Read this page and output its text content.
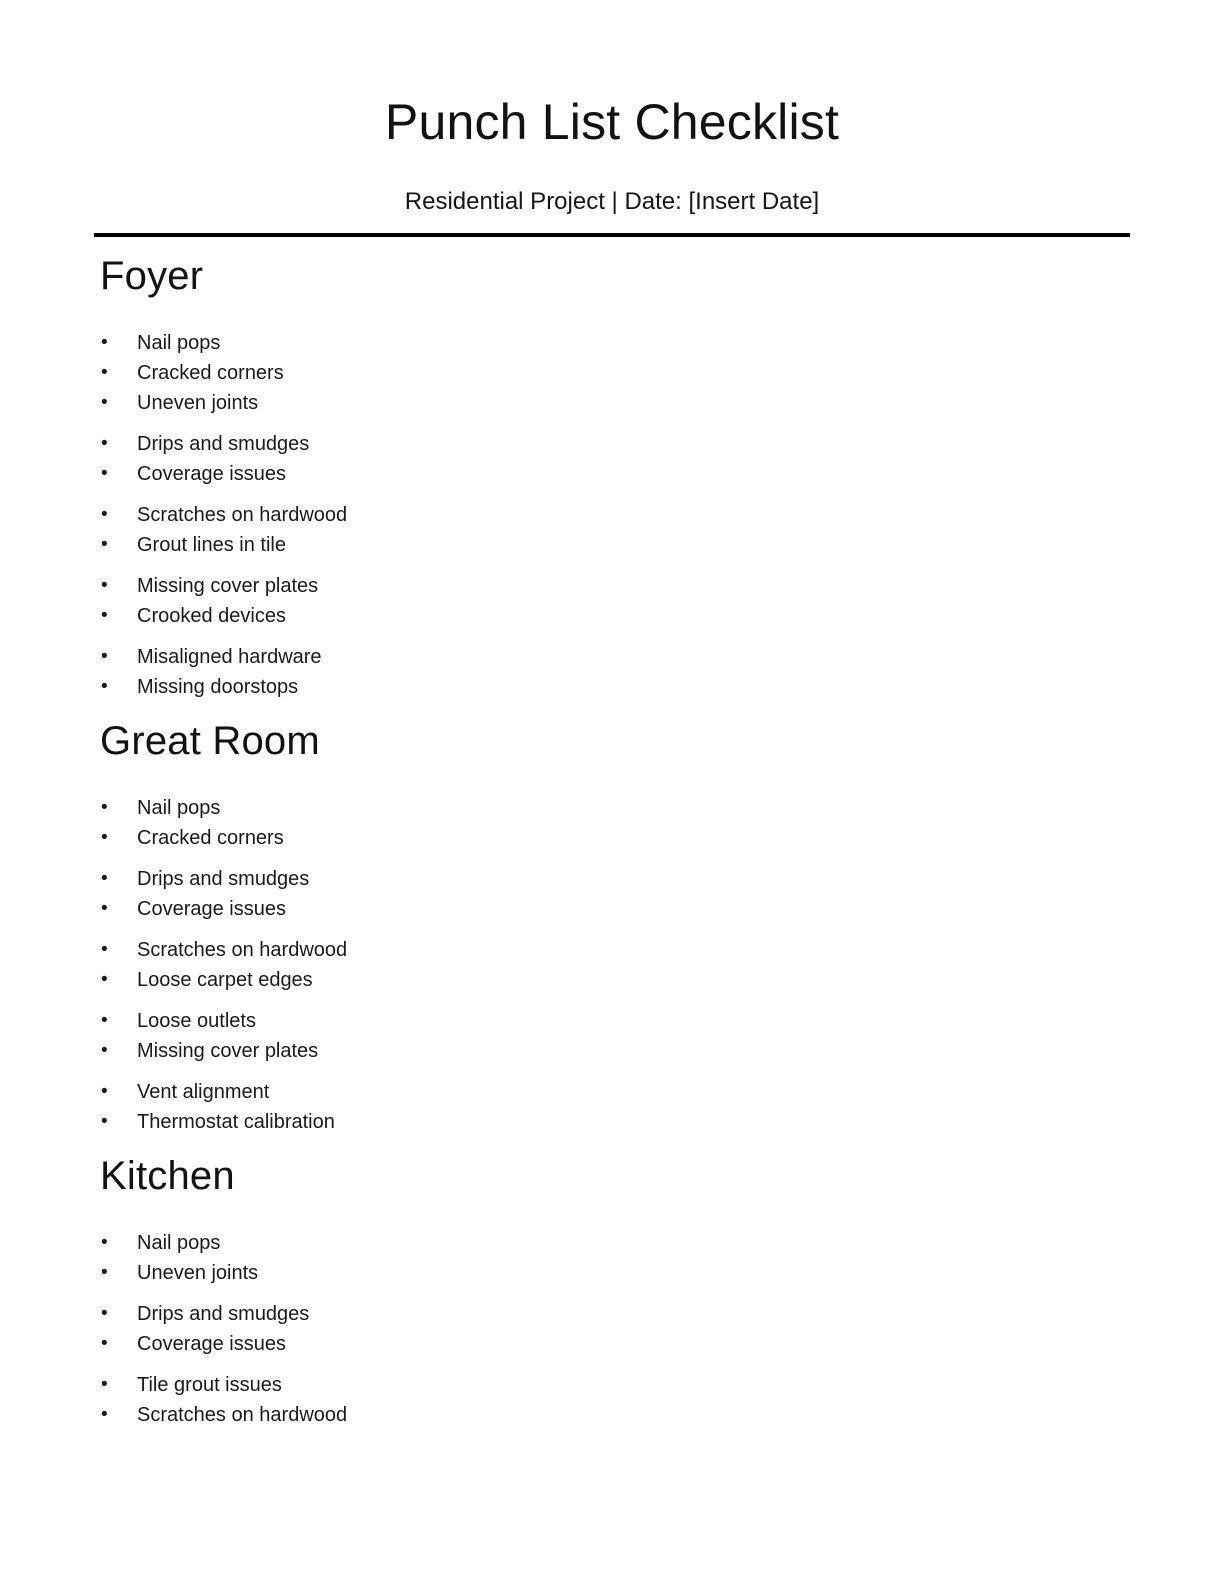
Punch List Checklist

Residential Project | Date: [Insert Date]

Foyer
• Nail pops
• Cracked corners
• Uneven joints
• Drips and smudges
• Coverage issues
• Scratches on hardwood
• Grout lines in tile
• Missing cover plates
• Crooked devices
• Misaligned hardware
• Missing doorstops
Great Room
• Nail pops
• Cracked corners
• Drips and smudges
• Coverage issues
• Scratches on hardwood
• Loose carpet edges
• Loose outlets
• Missing cover plates
• Vent alignment
• Thermostat calibration
Kitchen
• Nail pops
• Uneven joints
• Drips and smudges
• Coverage issues
• Tile grout issues
• Scratches on hardwood
